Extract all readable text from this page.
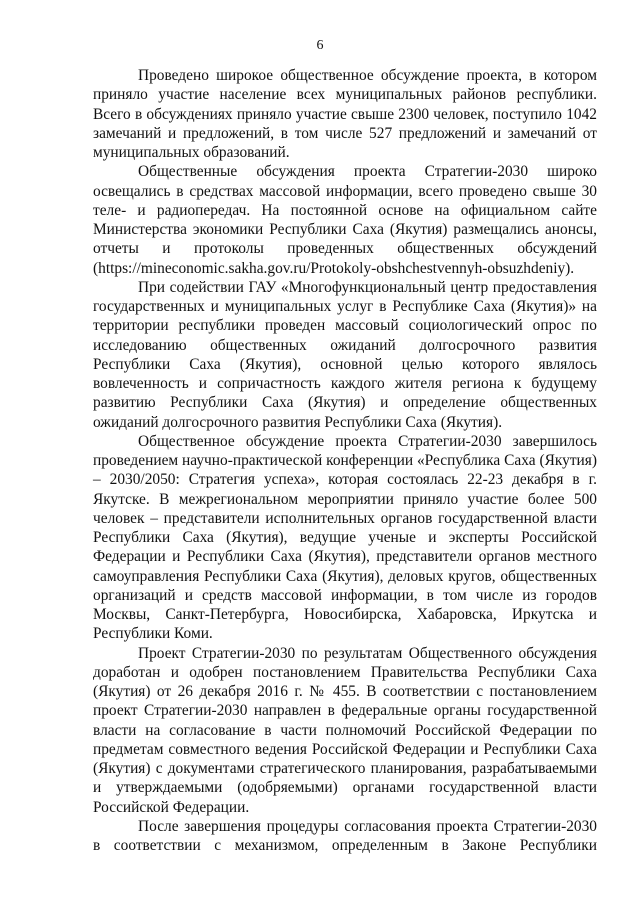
6

Проведено широкое общественное обсуждение проекта, в котором приняло участие население всех муниципальных районов республики. Всего в обсуждениях приняло участие свыше 2300 человек, поступило 1042 замечаний и предложений, в том числе 527 предложений и замечаний от муниципальных образований.

Общественные обсуждения проекта Стратегии-2030 широко освещались в средствах массовой информации, всего проведено свыше 30 теле- и радиопередач. На постоянной основе на официальном сайте Министерства экономики Республики Саха (Якутия) размещались анонсы, отчеты и протоколы проведенных общественных обсуждений (https://mineconomic.sakha.gov.ru/Protokoly-obshchestvennyh-obsuzhdeniy).

При содействии ГАУ «Многофункциональный центр предоставления государственных и муниципальных услуг в Республике Саха (Якутия)» на территории республики проведен массовый социологический опрос по исследованию общественных ожиданий долгосрочного развития Республики Саха (Якутия), основной целью которого являлось вовлеченность и сопричастность каждого жителя региона к будущему развитию Республики Саха (Якутия) и определение общественных ожиданий долгосрочного развития Республики Саха (Якутия).

Общественное обсуждение проекта Стратегии-2030 завершилось проведением научно-практической конференции «Республика Саха (Якутия) – 2030/2050: Стратегия успеха», которая состоялась 22-23 декабря в г. Якутске. В межрегиональном мероприятии приняло участие более 500 человек – представители исполнительных органов государственной власти Республики Саха (Якутия), ведущие ученые и эксперты Российской Федерации и Республики Саха (Якутия), представители органов местного самоуправления Республики Саха (Якутия), деловых кругов, общественных организаций и средств массовой информации, в том числе из городов Москвы, Санкт-Петербурга, Новосибирска, Хабаровска, Иркутска и Республики Коми.

Проект Стратегии-2030 по результатам Общественного обсуждения доработан и одобрен постановлением Правительства Республики Саха (Якутия) от 26 декабря 2016 г. № 455. В соответствии с постановлением проект Стратегии-2030 направлен в федеральные органы государственной власти на согласование в части полномочий Российской Федерации по предметам совместного ведения Российской Федерации и Республики Саха (Якутия) с документами стратегического планирования, разрабатываемыми и утверждаемыми (одобряемыми) органами государственной власти Российской Федерации.

После завершения процедуры согласования проекта Стратегии-2030 в соответствии с механизмом, определенным в Законе Республики
